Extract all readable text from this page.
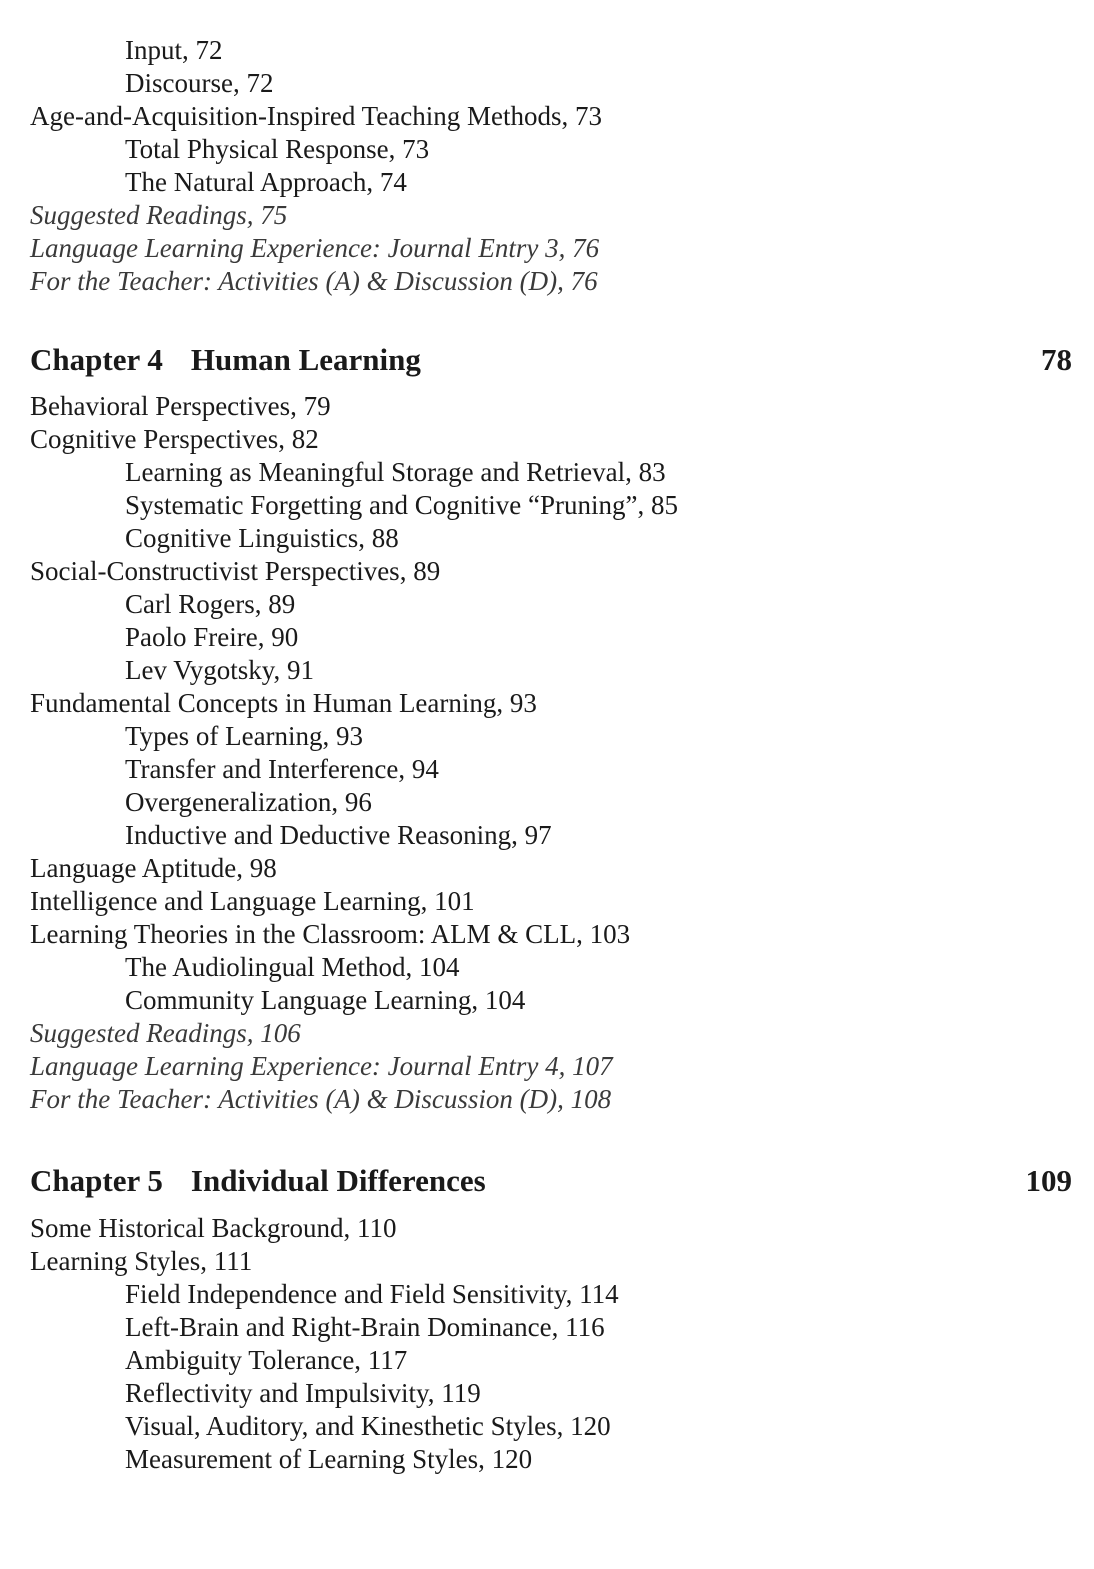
Input, 72
Discourse, 72
Age-and-Acquisition-Inspired Teaching Methods, 73
Total Physical Response, 73
The Natural Approach, 74
Suggested Readings, 75
Language Learning Experience: Journal Entry 3, 76
For the Teacher: Activities (A) & Discussion (D), 76
Chapter 4 Human Learning	78
Behavioral Perspectives, 79
Cognitive Perspectives, 82
Learning as Meaningful Storage and Retrieval, 83
Systematic Forgetting and Cognitive “Pruning”, 85
Cognitive Linguistics, 88
Social-Constructivist Perspectives, 89
Carl Rogers, 89
Paolo Freire, 90
Lev Vygotsky, 91
Fundamental Concepts in Human Learning, 93
Types of Learning, 93
Transfer and Interference, 94
Overgeneralization, 96
Inductive and Deductive Reasoning, 97
Language Aptitude, 98
Intelligence and Language Learning, 101
Learning Theories in the Classroom: ALM & CLL, 103
The Audiolingual Method, 104
Community Language Learning, 104
Suggested Readings, 106
Language Learning Experience: Journal Entry 4, 107
For the Teacher: Activities (A) & Discussion (D), 108
Chapter 5 Individual Differences	109
Some Historical Background, 110
Learning Styles, 111
Field Independence and Field Sensitivity, 114
Left-Brain and Right-Brain Dominance, 116
Ambiguity Tolerance, 117
Reflectivity and Impulsivity, 119
Visual, Auditory, and Kinesthetic Styles, 120
Measurement of Learning Styles, 120
